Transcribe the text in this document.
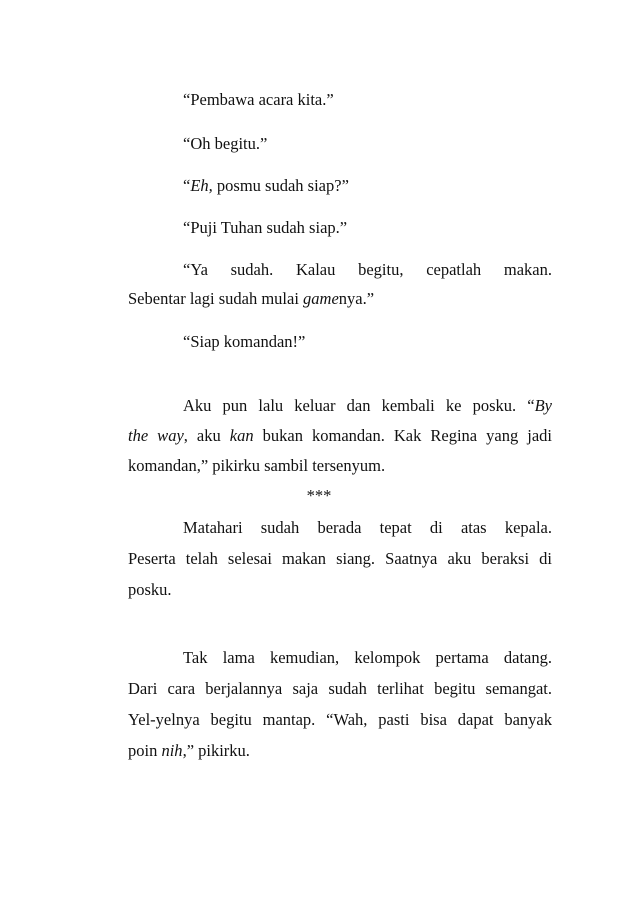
“Pembawa acara kita.”

“Oh begitu.”

“Eh, posmu sudah siap?”

“Puji Tuhan sudah siap.”

“Ya sudah. Kalau begitu, cepatlah makan.

Sebentar lagi sudah mulai gamenya.”

“Siap komandan!”

Aku pun lalu keluar dan kembali ke posku. “By

the way, aku kan bukan komandan. Kak Regina yang jadi

komandan,” pikirku sambil tersenyum.

***

Matahari sudah berada tepat di atas kepala.

Peserta telah selesai makan siang. Saatnya aku beraksi di

posku.

Tak lama kemudian, kelompok pertama datang.

Dari cara berjalannya saja sudah terlihat begitu semangat.

Yel-yelnya begitu mantap. “Wah, pasti bisa dapat banyak

poin nih,” pikirku.
